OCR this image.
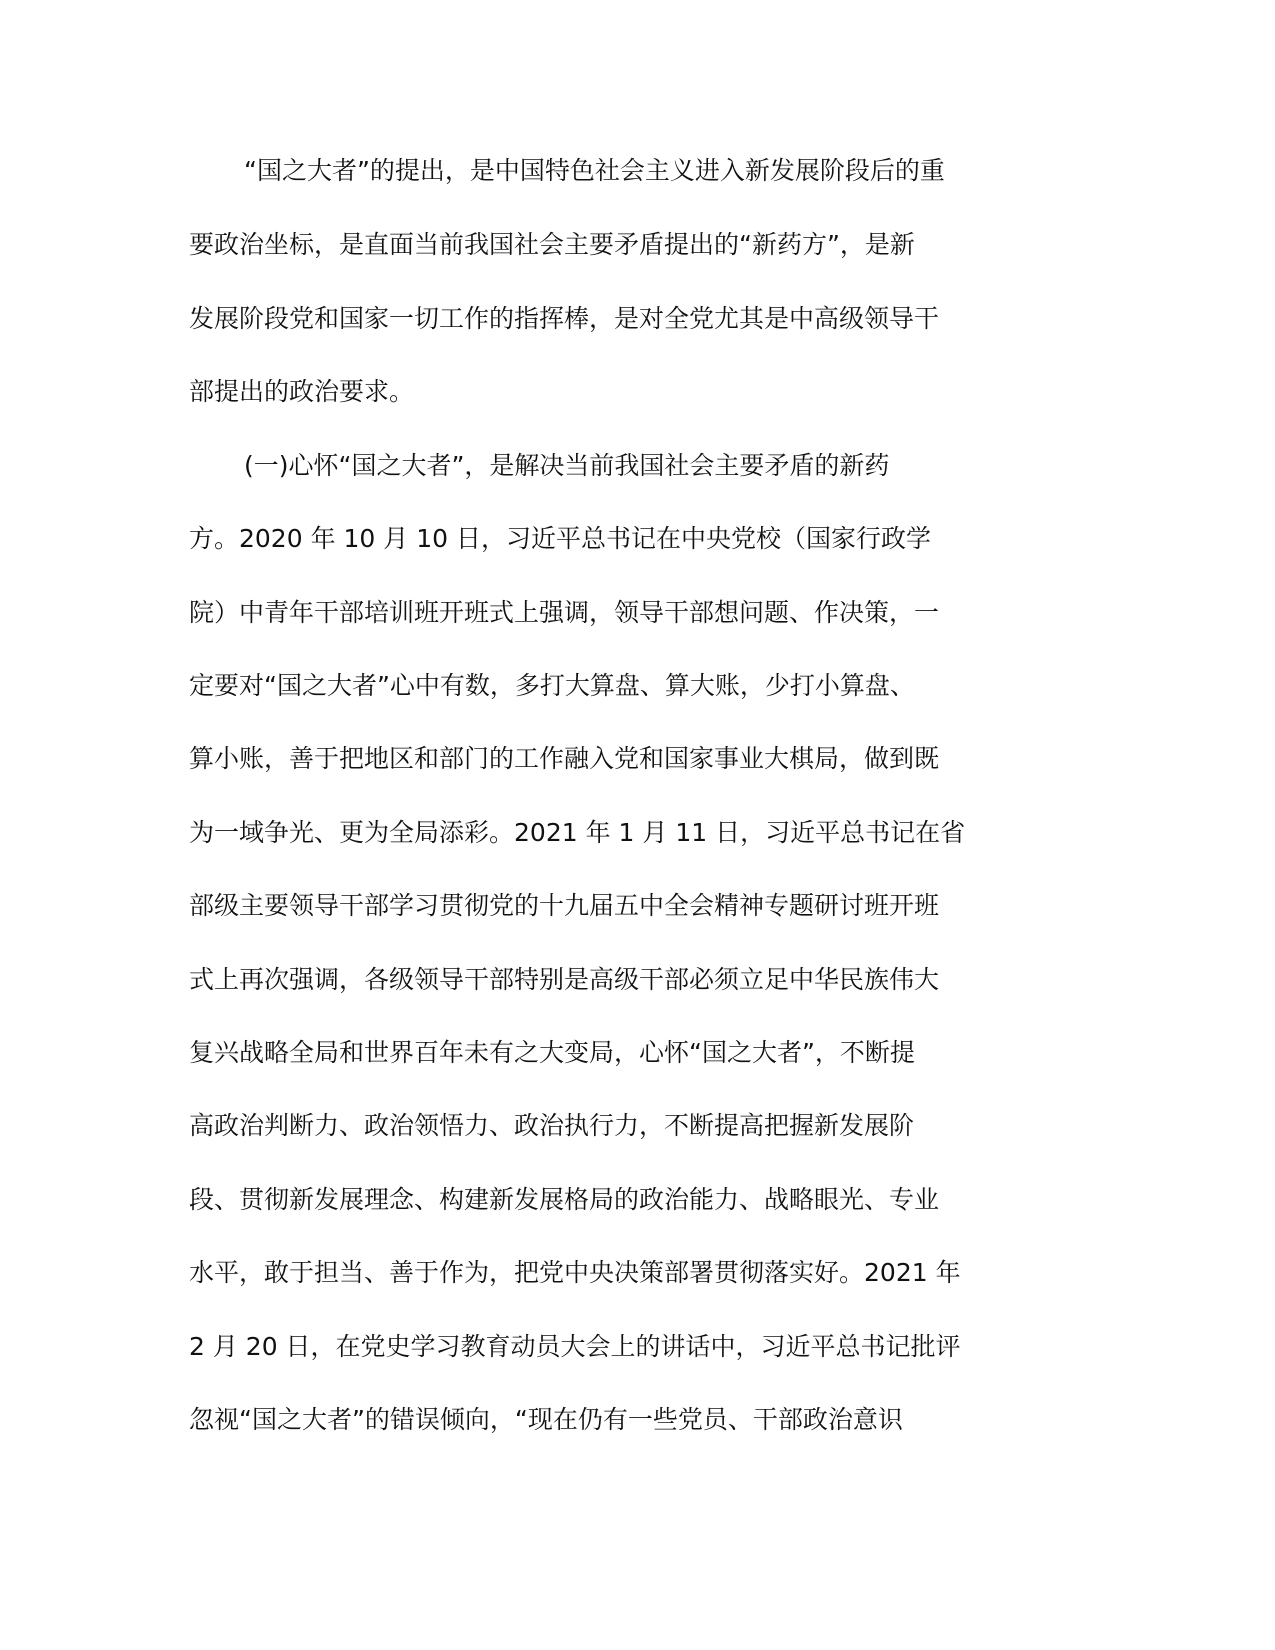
“国之大者”的提出，是中国特色社会主义进入新发展阶段后的重
要政治坐标，是直面当前我国社会主要矛盾提出的“新药方”，是新
发展阶段党和国家一切工作的指挥棒，是对全党尤其是中高级领导干
部提出的政治要求。
(一)心怀“国之大者”，是解决当前我国社会主要矛盾的新药
方。2020 年 10 月 10 日，习近平总书记在中央党校（国家行政学
院）中青年干部培训班开班式上强调，领导干部想问题、作决策，一
定要对“国之大者”心中有数，多打大算盘、算大账，少打小算盘、
算小账，善于把地区和部门的工作融入党和国家事业大棋局，做到既
为一域争光、更为全局添彩。2021 年 1 月 11 日，习近平总书记在省
部级主要领导干部学习贯彻党的十九届五中全会精神专题研讨班开班
式上再次强调，各级领导干部特别是高级干部必须立足中华民族伟大
复兴战略全局和世界百年未有之大变局，心怀“国之大者”，不断提
高政治判断力、政治领悟力、政治执行力，不断提高把握新发展阶
段、贯彻新发展理念、构建新发展格局的政治能力、战略眼光、专业
水平，敢于担当、善于作为，把党中央决策部署贯彻落实好。2021 年
2 月 20 日，在党史学习教育动员大会上的讲话中，习近平总书记批评
忽视“国之大者”的错误倾向，“现在仍有一些党员、干部政治意识
